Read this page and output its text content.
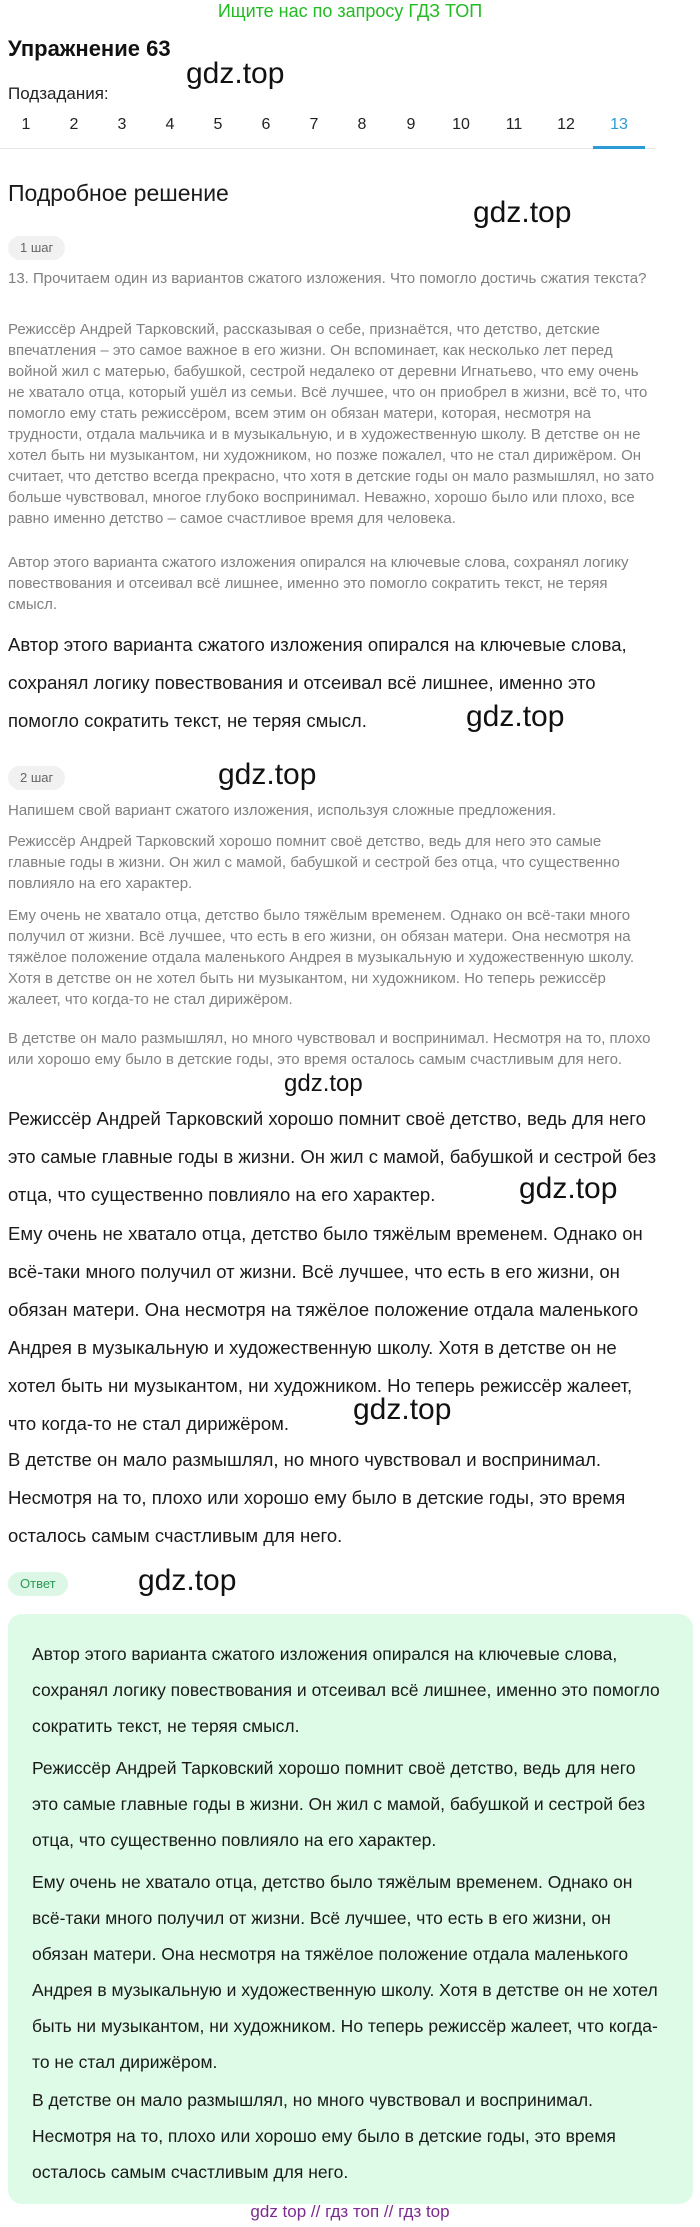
Ищите нас по запросу ГДЗ ТОП
Упражнение 63
Подзадания:
1	2	3	4	5	6	7	8	9	10	11	12	13
Подробное решение
gdz.top
gdz.top
gdz.top
gdz.top
gdz.top
gdz.top
gdz.top
gdz.top
1 шаг
13. Прочитаем один из вариантов сжатого изложения. Что помогло достичь сжатия текста?
Режиссёр Андрей Тарковский, рассказывая о себе, признаётся, что детство, детские впечатления – это самое важное в его жизни. Он вспоминает, как несколько лет перед войной жил с матерью, бабушкой, сестрой недалеко от деревни Игнатьево, что ему очень не хватало отца, который ушёл из семьи. Всё лучшее, что он приобрел в жизни, всё то, что помогло ему стать режиссёром, всем этим он обязан матери, которая, несмотря на трудности, отдала мальчика и в музыкальную, и в художественную школу. В детстве он не хотел быть ни музыкантом, ни художником, но позже пожалел, что не стал дирижёром. Он считает, что детство всегда прекрасно, что хотя в детские годы он мало размышлял, но зато больше чувствовал, многое глубоко воспринимал. Неважно, хорошо было или плохо, все равно именно детство – самое счастливое время для человека.
Автор этого варианта сжатого изложения опирался на ключевые слова, сохранял логику повествования и отсеивал всё лишнее, именно это помогло сократить текст, не теряя смысл.
Автор этого варианта сжатого изложения опирался на ключевые слова, сохранял логику повествования и отсеивал всё лишнее, именно это помогло сократить текст, не теряя смысл.
2 шаг
Напишем свой вариант сжатого изложения, используя сложные предложения.
Режиссёр Андрей Тарковский хорошо помнит своё детство, ведь для него это самые главные годы в жизни. Он жил с мамой, бабушкой и сестрой без отца, что существенно повлияло на его характер.
Ему очень не хватало отца, детство было тяжёлым временем. Однако он всё-таки много получил от жизни. Всё лучшее, что есть в его жизни, он обязан матери. Она несмотря на тяжёлое положение отдала маленького Андрея в музыкальную и художественную школу. Хотя в детстве он не хотел быть ни музыкантом, ни художником. Но теперь режиссёр жалеет, что когда-то не стал дирижёром.
В детстве он мало размышлял, но много чувствовал и воспринимал. Несмотря на то, плохо или хорошо ему было в детские годы, это время осталось самым счастливым для него.
Режиссёр Андрей Тарковский хорошо помнит своё детство, ведь для него это самые главные годы в жизни. Он жил с мамой, бабушкой и сестрой без отца, что существенно повлияло на его характер.
Ему очень не хватало отца, детство было тяжёлым временем. Однако он всё-таки много получил от жизни. Всё лучшее, что есть в его жизни, он обязан матери. Она несмотря на тяжёлое положение отдала маленького Андрея в музыкальную и художественную школу. Хотя в детстве он не хотел быть ни музыкантом, ни художником. Но теперь режиссёр жалеет, что когда-то не стал дирижёром.
В детстве он мало размышлял, но много чувствовал и воспринимал. Несмотря на то, плохо или хорошо ему было в детские годы, это время осталось самым счастливым для него.
Ответ
Автор этого варианта сжатого изложения опирался на ключевые слова, сохранял логику повествования и отсеивал всё лишнее, именно это помогло сократить текст, не теряя смысл.
Режиссёр Андрей Тарковский хорошо помнит своё детство, ведь для него это самые главные годы в жизни. Он жил с мамой, бабушкой и сестрой без отца, что существенно повлияло на его характер.
Ему очень не хватало отца, детство было тяжёлым временем. Однако он всё-таки много получил от жизни. Всё лучшее, что есть в его жизни, он обязан матери. Она несмотря на тяжёлое положение отдала маленького Андрея в музыкальную и художественную школу. Хотя в детстве он не хотел быть ни музыкантом, ни художником. Но теперь режиссёр жалеет, что когда-то не стал дирижёром.
В детстве он мало размышлял, но много чувствовал и воспринимал. Несмотря на то, плохо или хорошо ему было в детские годы, это время осталось самым счастливым для него.
gdz top // гдз топ // гдз top
